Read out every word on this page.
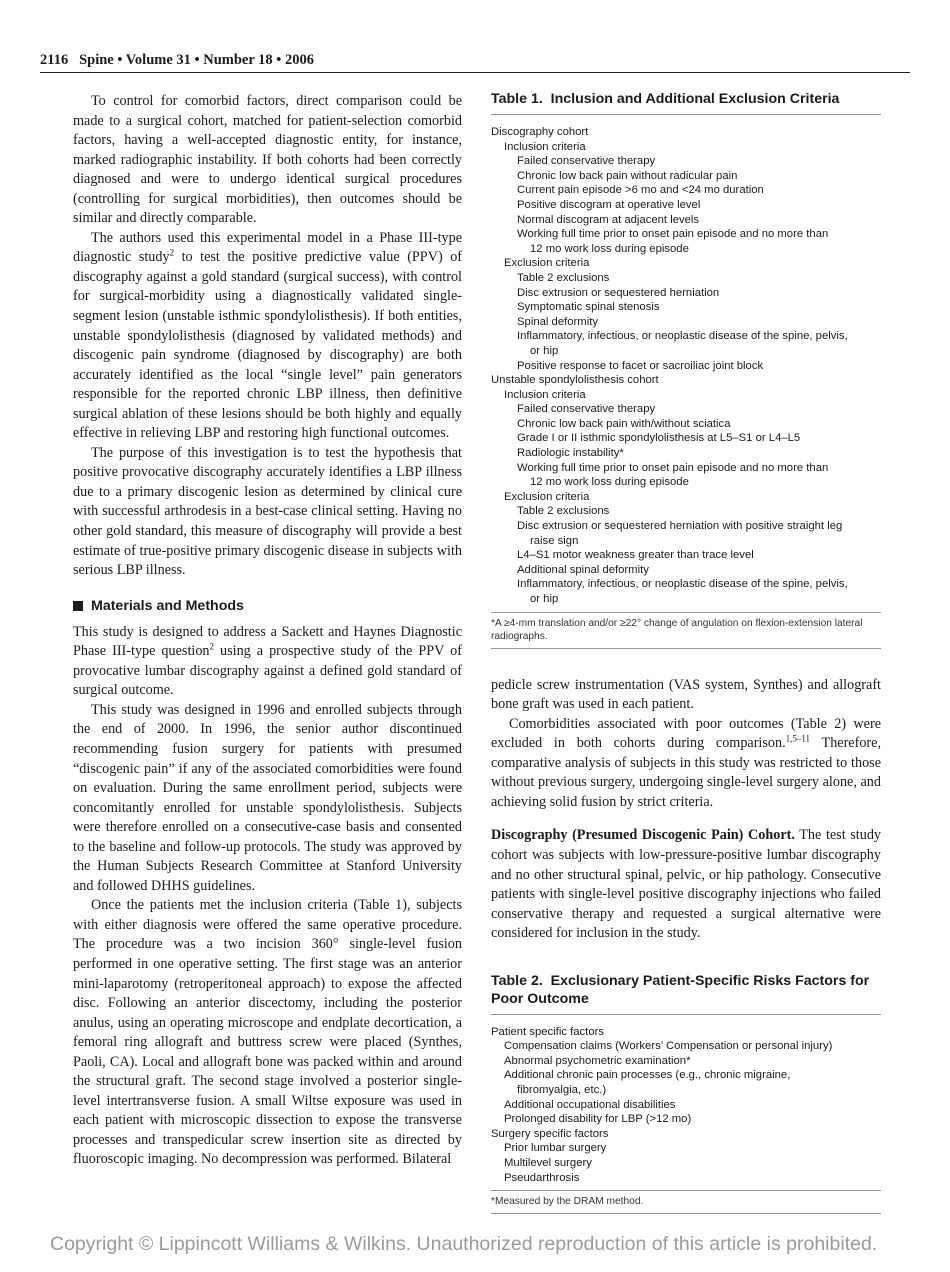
2116   Spine • Volume 31 • Number 18 • 2006

To control for comorbid factors, direct comparison could be made to a surgical cohort, matched for patient-selection comorbid factors, having a well-accepted diagnostic entity, for instance, marked radiographic instability. If both cohorts had been correctly diagnosed and were to undergo identical surgical procedures (controlling for surgical morbidities), then outcomes should be similar and directly comparable.

The authors used this experimental model in a Phase III-type diagnostic study$^2$ to test the positive predictive value (PPV) of discography against a gold standard (surgical success), with control for surgical-morbidity using a diagnostically validated single-segment lesion (unstable isthmic spondylolisthesis). If both entities, unstable spondylolisthesis (diagnosed by validated methods) and discogenic pain syndrome (diagnosed by discography) are both accurately identified as the local “single level” pain generators responsible for the reported chronic LBP illness, then definitive surgical ablation of these lesions should be both highly and equally effective in relieving LBP and restoring high functional outcomes.

The purpose of this investigation is to test the hypothesis that positive provocative discography accurately identifies a LBP illness due to a primary discogenic lesion as determined by clinical cure with successful arthrodesis in a best-case clinical setting. Having no other gold standard, this measure of discography will provide a best estimate of true-positive primary discogenic disease in subjects with serious LBP illness.

Materials and Methods

This study is designed to address a Sackett and Haynes Diagnostic Phase III-type question$^2$ using a prospective study of the PPV of provocative lumbar discography against a defined gold standard of surgical outcome.

This study was designed in 1996 and enrolled subjects through the end of 2000. In 1996, the senior author discontinued recommending fusion surgery for patients with presumed “discogenic pain” if any of the associated comorbidities were found on evaluation. During the same enrollment period, subjects were concomitantly enrolled for unstable spondylolisthesis. Subjects were therefore enrolled on a consecutive-case basis and consented to the baseline and follow-up protocols. The study was approved by the Human Subjects Research Committee at Stanford University and followed DHHS guidelines.

Once the patients met the inclusion criteria (Table 1), subjects with either diagnosis were offered the same operative procedure. The procedure was a two incision 360° single-level fusion performed in one operative setting. The first stage was an anterior mini-laparotomy (retroperitoneal approach) to expose the affected disc. Following an anterior discectomy, including the posterior anulus, using an operating microscope and endplate decortication, a femoral ring allograft and buttress screw were placed (Synthes, Paoli, CA). Local and allograft bone was packed within and around the structural graft. The second stage involved a posterior single-level intertransverse fusion. A small Wiltse exposure was used in each patient with microscopic dissection to expose the transverse processes and transpedicular screw insertion site as directed by fluoroscopic imaging. No decompression was performed. Bilateral

Table 1.  Inclusion and Additional Exclusion Criteria

Discography cohort
Inclusion criteria
Failed conservative therapy
Chronic low back pain without radicular pain
Current pain episode >6 mo and <24 mo duration
Positive discogram at operative level
Normal discogram at adjacent levels
Working full time prior to onset pain episode and no more than
12 mo work loss during episode
Exclusion criteria
Table 2 exclusions
Disc extrusion or sequestered herniation
Symptomatic spinal stenosis
Spinal deformity
Inflammatory, infectious, or neoplastic disease of the spine, pelvis,
or hip
Positive response to facet or sacroiliac joint block
Unstable spondylolisthesis cohort
Inclusion criteria
Failed conservative therapy
Chronic low back pain with/without sciatica
Grade I or II isthmic spondylolisthesis at L5–S1 or L4–L5
Radiologic instability*
Working full time prior to onset pain episode and no more than
12 mo work loss during episode
Exclusion criteria
Table 2 exclusions
Disc extrusion or sequestered herniation with positive straight leg
raise sign
L4–S1 motor weakness greater than trace level
Additional spinal deformity
Inflammatory, infectious, or neoplastic disease of the spine, pelvis,
or hip

*A ≥4-mm translation and/or ≥22° change of angulation on flexion-extension lateral radiographs.

pedicle screw instrumentation (VAS system, Synthes) and allograft bone graft was used in each patient.

Comorbidities associated with poor outcomes (Table 2) were excluded in both cohorts during comparison.$^{1,5-11}$ Therefore, comparative analysis of subjects in this study was restricted to those without previous surgery, undergoing single-level surgery alone, and achieving solid fusion by strict criteria.

Discography (Presumed Discogenic Pain) Cohort. The test study cohort was subjects with low-pressure-positive lumbar discography and no other structural spinal, pelvic, or hip pathology. Consecutive patients with single-level positive discography injections who failed conservative therapy and requested a surgical alternative were considered for inclusion in the study.

Table 2.  Exclusionary Patient-Specific Risks Factors for Poor Outcome

Patient specific factors
Compensation claims (Workers’ Compensation or personal injury)
Abnormal psychometric examination*
Additional chronic pain processes (e.g., chronic migraine,
fibromyalgia, etc.)
Additional occupational disabilities
Prolonged disability for LBP (>12 mo)
Surgery specific factors
Prior lumbar surgery
Multilevel surgery
Pseudarthrosis

*Measured by the DRAM method.

Copyright © Lippincott Williams & Wilkins. Unauthorized reproduction of this article is prohibited.
